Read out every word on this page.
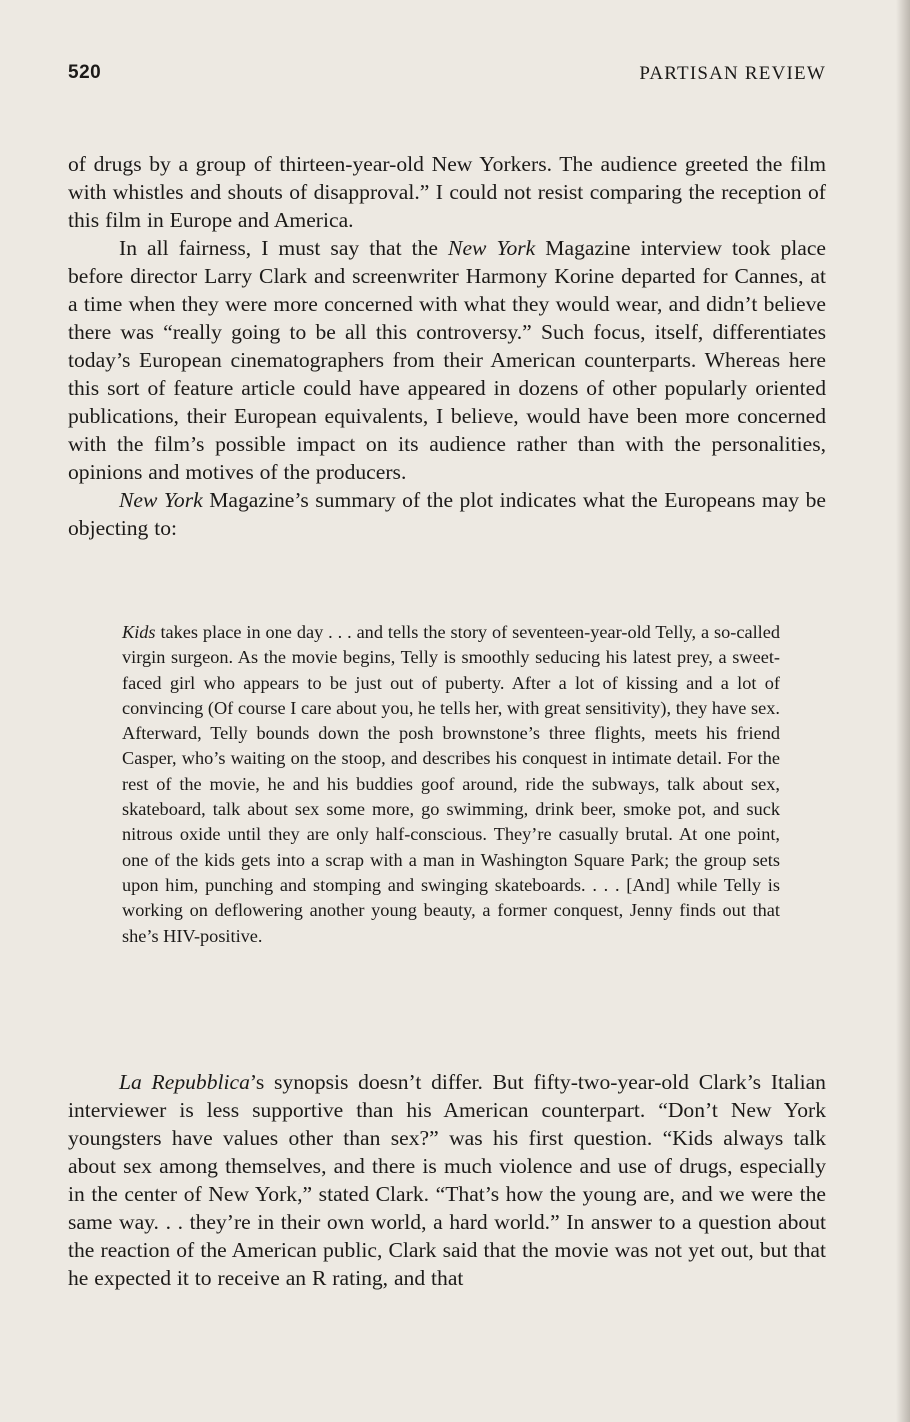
520	PARTISAN REVIEW

of drugs by a group of thirteen-year-old New Yorkers. The audience greeted the film with whistles and shouts of disapproval.” I could not resist comparing the reception of this film in Europe and America.

In all fairness, I must say that the New York Magazine interview took place before director Larry Clark and screenwriter Harmony Korine departed for Cannes, at a time when they were more concerned with what they would wear, and didn’t believe there was “really going to be all this controversy.” Such focus, itself, differentiates today’s European cinematographers from their American counterparts. Whereas here this sort of feature article could have appeared in dozens of other popularly oriented publications, their European equivalents, I believe, would have been more concerned with the film’s possible impact on its audience rather than with the personalities, opinions and motives of the producers.

New York Magazine’s summary of the plot indicates what the Europeans may be objecting to:

Kids takes place in one day . . . and tells the story of seventeen-year-old Telly, a so-called virgin surgeon. As the movie begins, Telly is smoothly seducing his latest prey, a sweet-faced girl who appears to be just out of puberty. After a lot of kissing and a lot of convincing (Of course I care about you, he tells her, with great sensitivity), they have sex. Afterward, Telly bounds down the posh brownstone’s three flights, meets his friend Casper, who’s waiting on the stoop, and describes his conquest in intimate detail. For the rest of the movie, he and his buddies goof around, ride the subways, talk about sex, skateboard, talk about sex some more, go swimming, drink beer, smoke pot, and suck nitrous oxide until they are only half-conscious. They’re casually brutal. At one point, one of the kids gets into a scrap with a man in Washington Square Park; the group sets upon him, punching and stomping and swinging skateboards. . . . [And] while Telly is working on deflowering another young beauty, a former conquest, Jenny finds out that she’s HIV-positive.

La Repubblica’s synopsis doesn’t differ. But fifty-two-year-old Clark’s Italian interviewer is less supportive than his American counterpart. “Don’t New York youngsters have values other than sex?” was his first question. “Kids always talk about sex among themselves, and there is much violence and use of drugs, especially in the center of New York,” stated Clark. “That’s how the young are, and we were the same way. . . they’re in their own world, a hard world.” In answer to a question about the reaction of the American public, Clark said that the movie was not yet out, but that he expected it to receive an R rating, and that
